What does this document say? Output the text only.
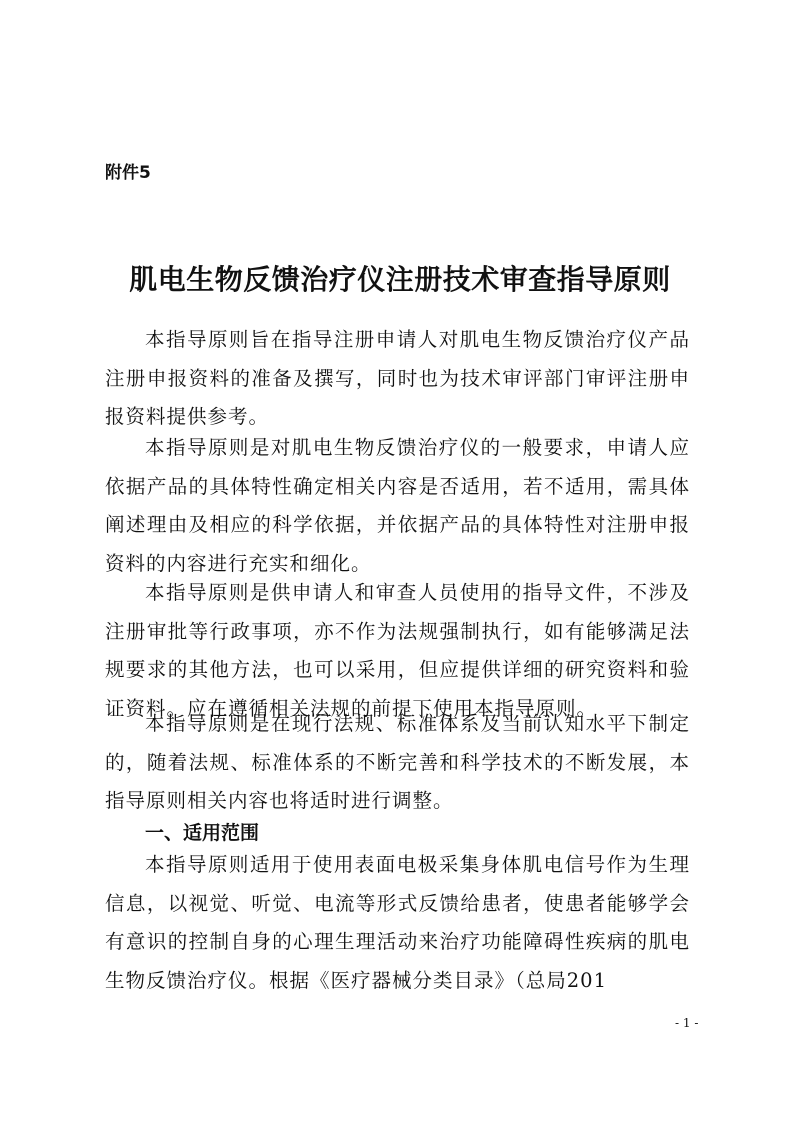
附件5
肌电生物反馈治疗仪注册技术审查指导原则

本指导原则旨在指导注册申请人对肌电生物反馈治疗仪产品注册申报资料的准备及撰写，同时也为技术审评部门审评注册申报资料提供参考。

本指导原则是对肌电生物反馈治疗仪的一般要求，申请人应依据产品的具体特性确定相关内容是否适用，若不适用，需具体阐述理由及相应的科学依据，并依据产品的具体特性对注册申报资料的内容进行充实和细化。

本指导原则是供申请人和审查人员使用的指导文件，不涉及注册审批等行政事项，亦不作为法规强制执行，如有能够满足法规要求的其他方法，也可以采用，但应提供详细的研究资料和验证资料。应在遵循相关法规的前提下使用本指导原则。

本指导原则是在现行法规、标准体系及当前认知水平下制定的，随着法规、标准体系的不断完善和科学技术的不断发展，本指导原则相关内容也将适时进行调整。

一、适用范围

本指导原则适用于使用表面电极采集身体肌电信号作为生理信息，以视觉、听觉、电流等形式反馈给患者，使患者能够学会有意识的控制自身的心理生理活动来治疗功能障碍性疾病的肌电生物反馈治疗仪。根据《医疗器械分类目录》（总局201

- 1 -
